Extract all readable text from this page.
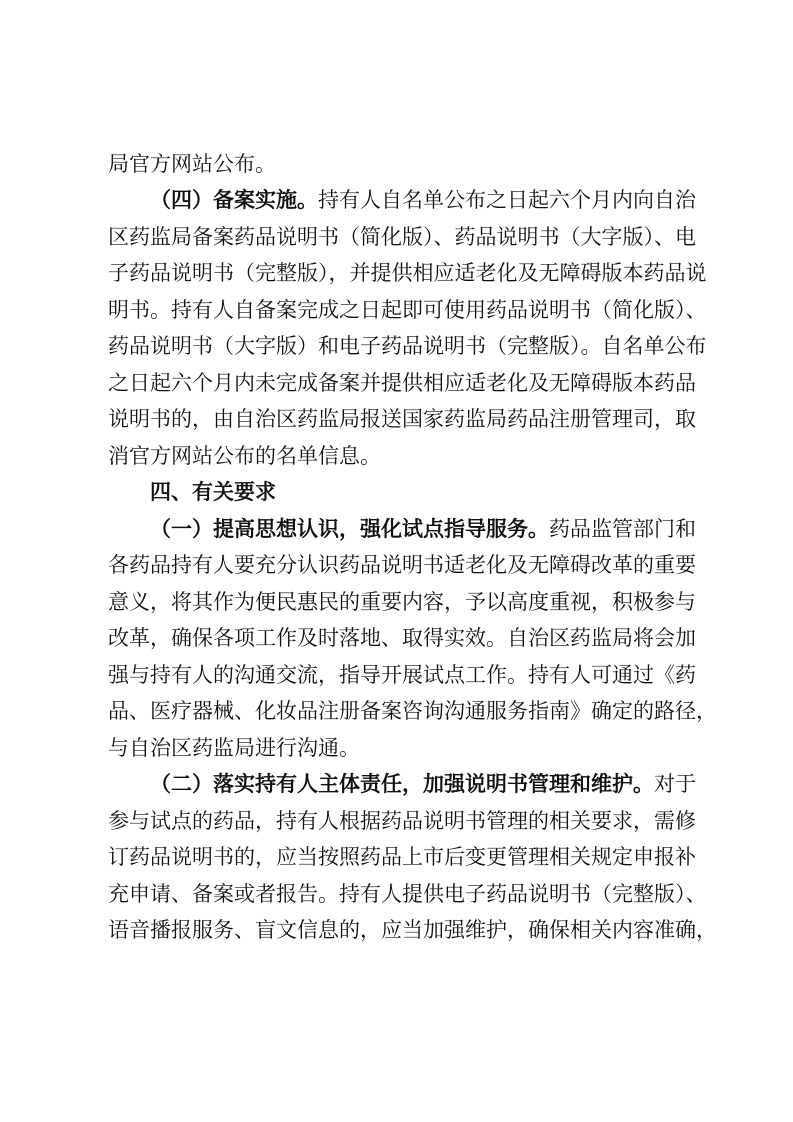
局官方网站公布。
（四）备案实施。持有人自名单公布之日起六个月内向自治
区药监局备案药品说明书（简化版）、药品说明书（大字版）、电
子药品说明书（完整版），并提供相应适老化及无障碍版本药品说
明书。持有人自备案完成之日起即可使用药品说明书（简化版）、
药品说明书（大字版）和电子药品说明书（完整版）。自名单公布
之日起六个月内未完成备案并提供相应适老化及无障碍版本药品
说明书的，由自治区药监局报送国家药监局药品注册管理司，取
消官方网站公布的名单信息。
四、有关要求
（一）提高思想认识，强化试点指导服务。药品监管部门和
各药品持有人要充分认识药品说明书适老化及无障碍改革的重要
意义，将其作为便民惠民的重要内容，予以高度重视，积极参与
改革，确保各项工作及时落地、取得实效。自治区药监局将会加
强与持有人的沟通交流，指导开展试点工作。持有人可通过《药
品、医疗器械、化妆品注册备案咨询沟通服务指南》确定的路径，
与自治区药监局进行沟通。
（二）落实持有人主体责任，加强说明书管理和维护。对于
参与试点的药品，持有人根据药品说明书管理的相关要求，需修
订药品说明书的，应当按照药品上市后变更管理相关规定申报补
充申请、备案或者报告。持有人提供电子药品说明书（完整版）、
语音播报服务、盲文信息的，应当加强维护，确保相关内容准确，
